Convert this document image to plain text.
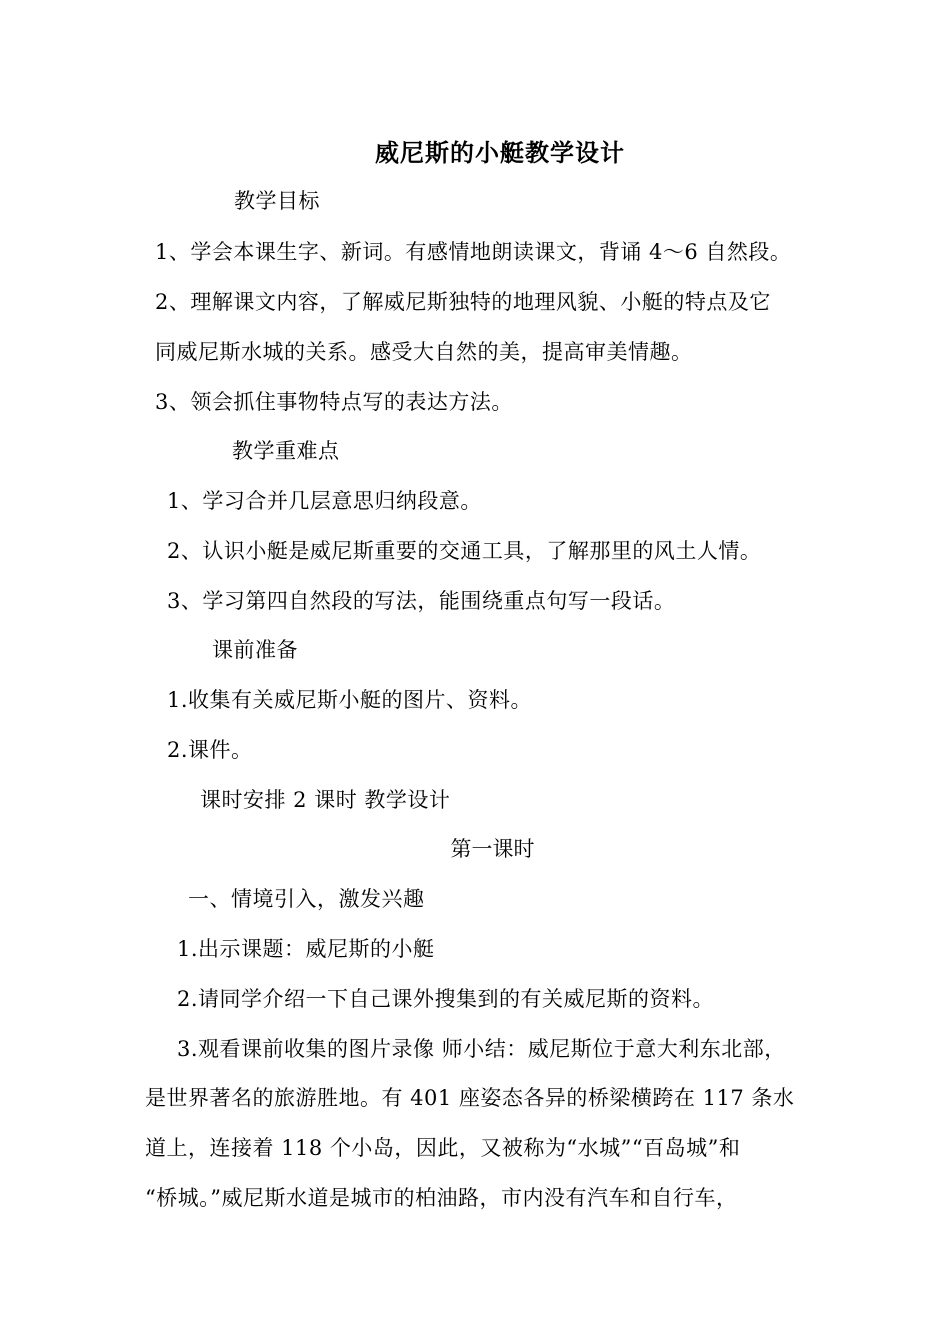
威尼斯的小艇教学设计
教学目标
1、学会本课生字、新词。有感情地朗读课文，背诵 4～6 自然段。
2、理解课文内容，了解威尼斯独特的地理风貌、小艇的特点及它
同威尼斯水城的关系。感受大自然的美，提高审美情趣。
3、领会抓住事物特点写的表达方法。
教学重难点
1、学习合并几层意思归纳段意。
2、认识小艇是威尼斯重要的交通工具，了解那里的风土人情。
3、学习第四自然段的写法，能围绕重点句写一段话。
课前准备
1.收集有关威尼斯小艇的图片、资料。
2.课件。
课时安排 2 课时 教学设计
第一课时
一、情境引入，激发兴趣
1.出示课题：威尼斯的小艇
2.请同学介绍一下自己课外搜集到的有关威尼斯的资料。
3.观看课前收集的图片录像 师小结：威尼斯位于意大利东北部，
是世界著名的旅游胜地。有 401 座姿态各异的桥梁横跨在 117 条水
道上，连接着 118 个小岛，因此，又被称为“水城”“百岛城”和
“桥城。”威尼斯水道是城市的柏油路，市内没有汽车和自行车，
